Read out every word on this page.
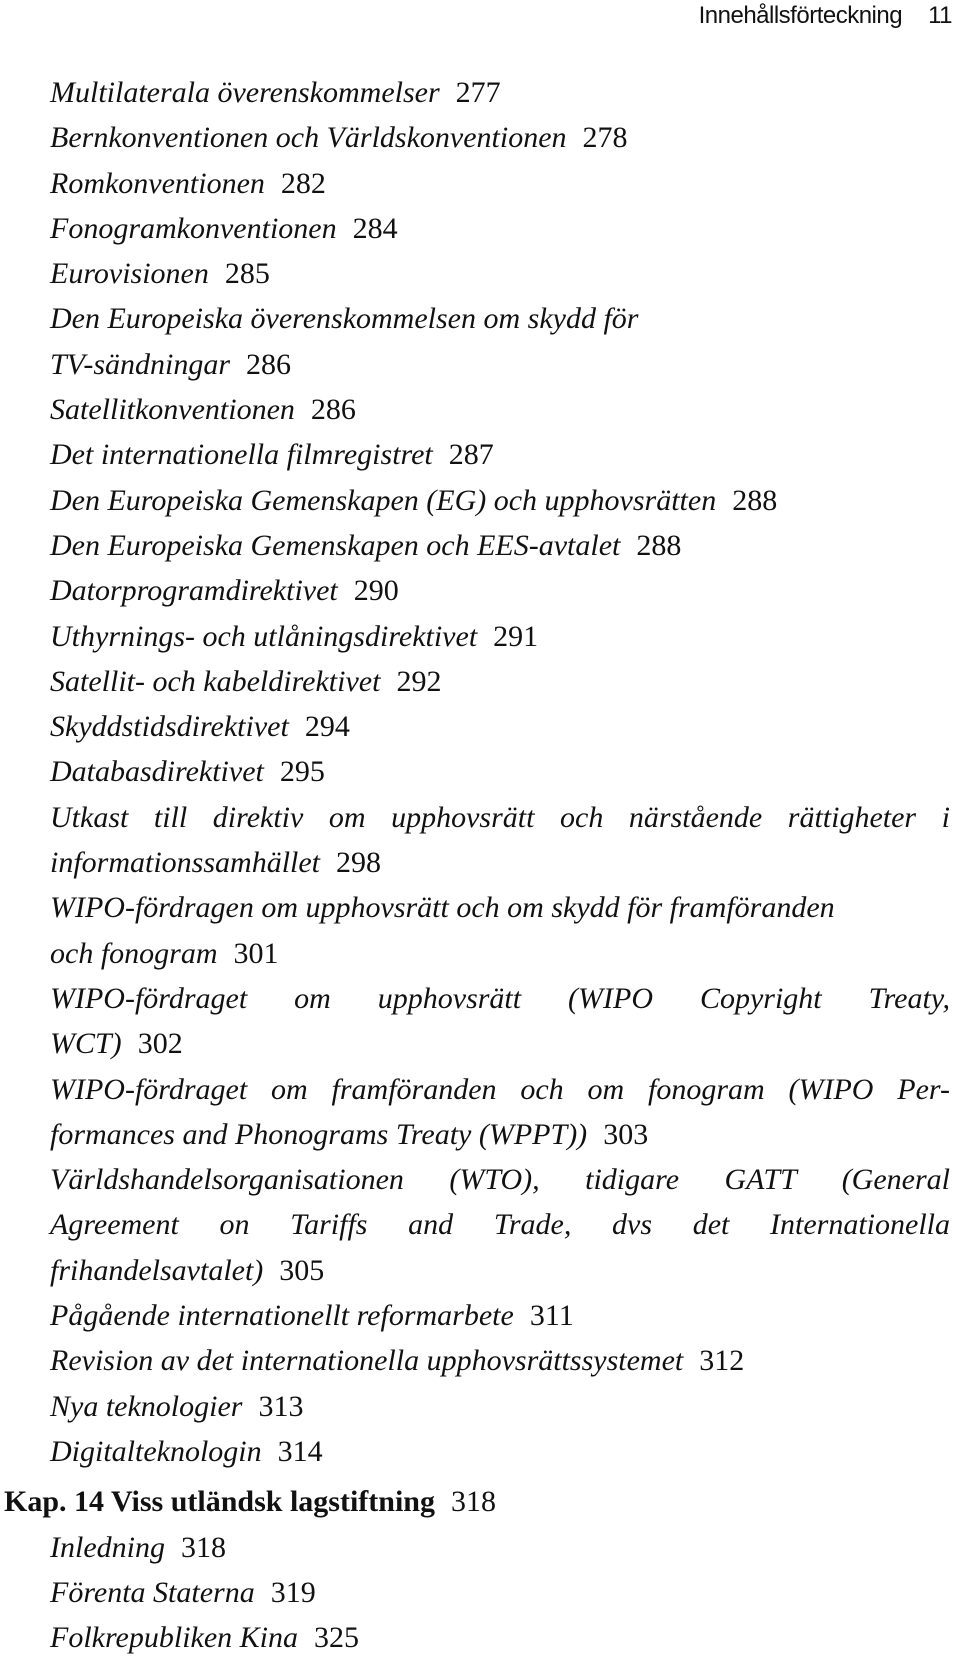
Innehållsförteckning 11
Multilaterala överenskommelser 277
Bernkonventionen och Världskonventionen 278
Romkonventionen 282
Fonogramkonventionen 284
Eurovisionen 285
Den Europeiska överenskommelsen om skydd för
TV-sändningar 286
Satellitkonventionen 286
Det internationella filmregistret 287
Den Europeiska Gemenskapen (EG) och upphovsrätten 288
Den Europeiska Gemenskapen och EES-avtalet 288
Datorprogramdirektivet 290
Uthyrnings- och utlåningsdirektivet 291
Satellit- och kabeldirektivet 292
Skyddstidsdirektivet 294
Databasdirektivet 295
Utkast till direktiv om upphovsrätt och närstående rättigheter i
informationssamhället 298
WIPO-fördragen om upphovsrätt och om skydd för framföranden
och fonogram 301
WIPO-fördraget om upphovsrätt (WIPO Copyright Treaty,
WCT) 302
WIPO-fördraget om framföranden och om fonogram (WIPO Per-
formances and Phonograms Treaty (WPPT)) 303
Världshandelsorganisationen (WTO), tidigare GATT (General
Agreement on Tariffs and Trade, dvs det Internationella
frihandelsavtalet) 305
Pågående internationellt reformarbete 311
Revision av det internationella upphovsrättssystemet 312
Nya teknologier 313
Digitalteknologin 314
Kap. 14 Viss utländsk lagstiftning 318
Inledning 318
Förenta Staterna 319
Folkrepubliken Kina 325
